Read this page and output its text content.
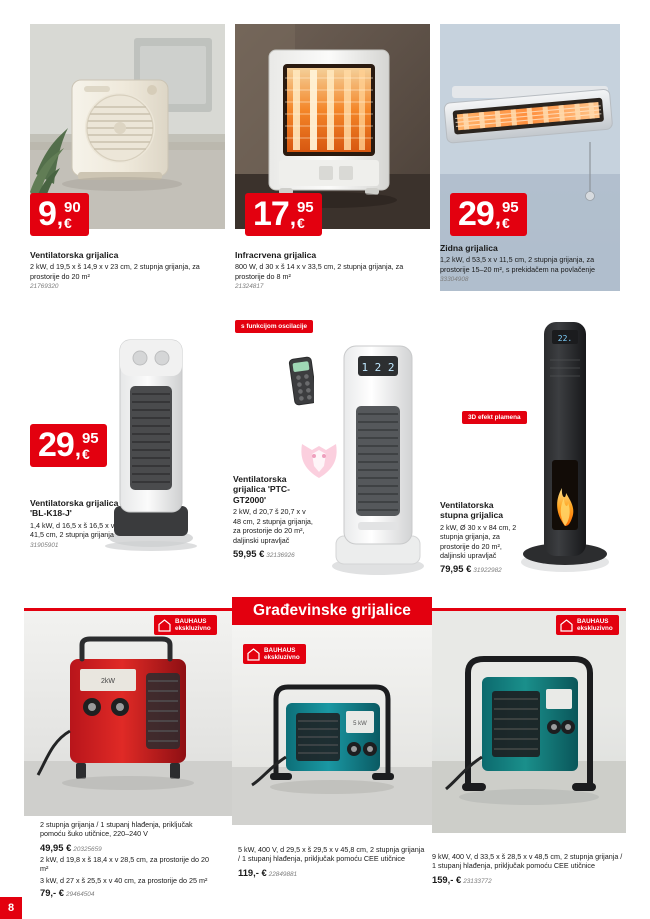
9 , 90
€
Ventilatorska grijalica
2 kW, d 19,5 x š 14,9 x v 23 cm, 2 stupnja grijanja, za prostorije do 20 m²
21769320
17 , 95
€
Infracrvena grijalica
800 W, d 30 x š 14 x v 33,5 cm, 2 stupnja grijanja, za prostorije do 8 m²
21324817
29 , 95
€
Zidna grijalica
1,2 kW, d 53,5 x v 11,5 cm, 2 stupnja grijanja, za prostorije 15–20 m², s prekidačem na povlačenje
33304908
s funkcijom oscilacije
29 , 95
€
Ventilatorska grijalica 'BL-K18-J'
1,4 kW, d 16,5 x š 16,5 x v 41,5 cm, 2 stupnja grijanja
31905901
1 2 2
Ventilatorska grijalica 'PTC-GT2000'
2 kW, d 20,7 š 20,7 x v 48 cm, 2 stupnja grijanja, za prostorije do 20 m², daljinski upravljač
59,95 € 32136926
22.
3D efekt plamena
Ventilatorska stupna grijalica
2 kW, Ø 30 x v 84 cm, 2 stupnja grijanja, za prostorije do 20 m², daljinski upravljač
79,95 € 31922982
Građevinske grijalice
2kW
BAUHAUS
ekskluzivno
2 stupnja grijanja / 1 stupanj hlađenja, priključak pomoću šuko utičnice, 220–240 V
49,95 € 20325659
2 kW, d 19,8 x š 18,4 x v 28,5 cm, za prostorije do 20 m²
3 kW, d 27 x š 25,5 x v 40 cm, za prostorije do 25 m²
79,- € 29464504
5 kW
BAUHAUS
ekskluzivno
5 kW, 400 V, d 29,5 x š 29,5 x v 45,8 cm, 2 stupnja grijanja / 1 stupanj hlađenja, priključak pomoću CEE utičnice
119,- € 22849881
BAUHAUS
ekskluzivno
9 kW, 400 V, d 33,5 x š 28,5 x v 48,5 cm, 2 stupnja grijanja / 1 stupanj hlađenja, priključak pomoću CEE utičnice
159,- € 23133772
8
